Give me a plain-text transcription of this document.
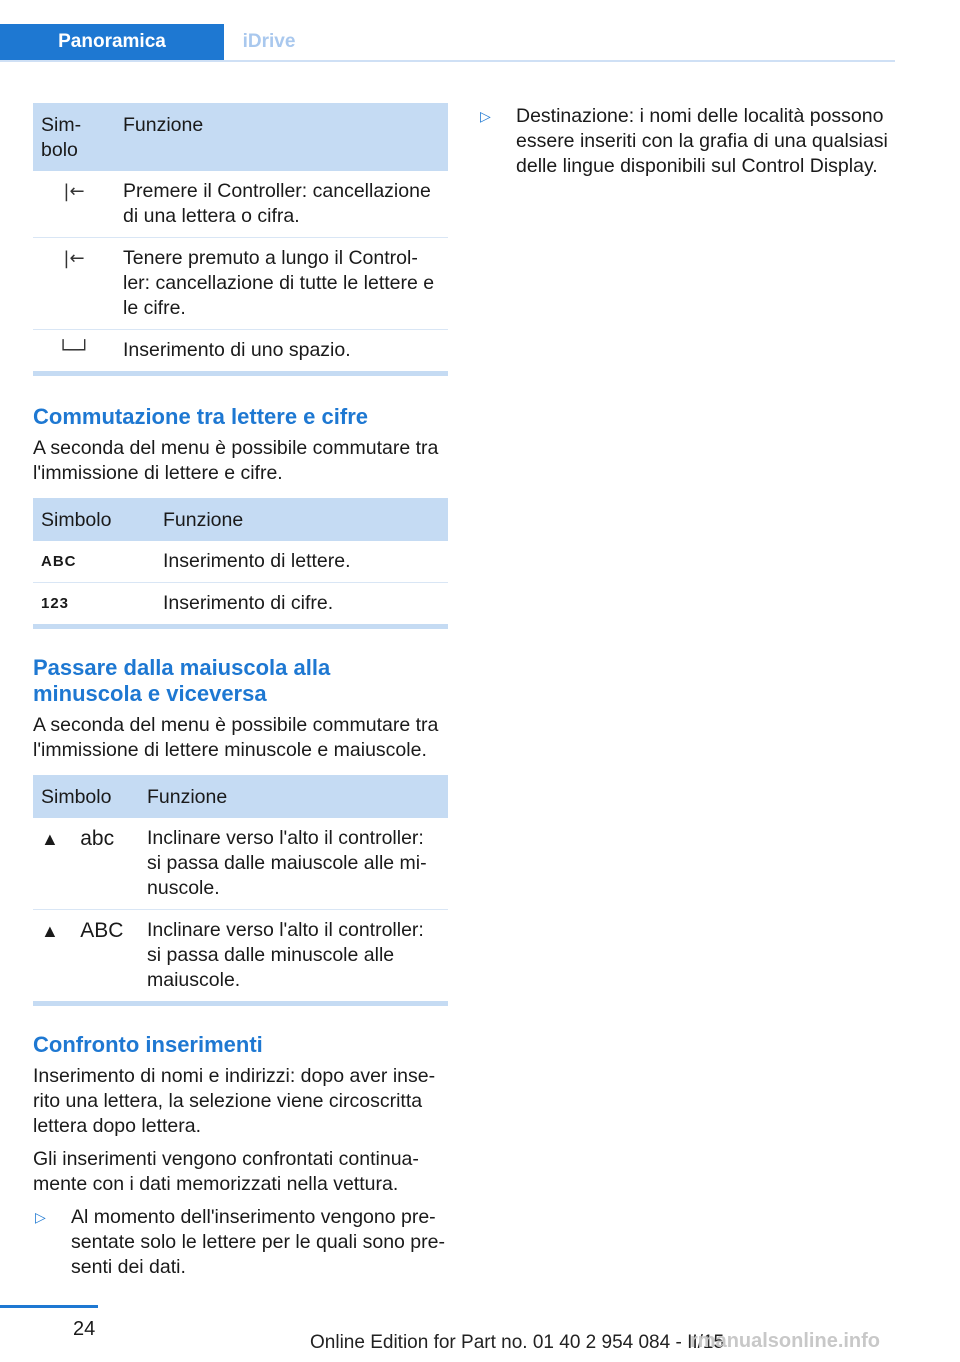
Panoramica	iDrive
Sim-
bolo	Funzione
|←	Premere il Controller: cancellazione di una lettera o cifra.
|←	Tenere premuto a lungo il Control-ler: cancellazione di tutte le lettere e le cifre.
└─┘	Inserimento di uno spazio.
Commutazione tra lettere e cifre

A seconda del menu è possibile commutare tra l'immissione di lettere e cifre.

Simbolo	Funzione
ABC	Inserimento di lettere.
123	Inserimento di cifre.
Passare dalla maiuscola alla
minuscola e viceversa

A seconda del menu è possibile commutare tra l'immissione di lettere minuscole e maiuscole.

Simbolo	Funzione
▲ abc	Inclinare verso l'alto il controller: si passa dalle maiuscole alle mi-nuscole.
▲ ABC	Inclinare verso l'alto il controller: si passa dalle minuscole alle maiuscole.
Confronto inserimenti

Inserimento di nomi e indirizzi: dopo aver inse-rito una lettera, la selezione viene circoscritta lettera dopo lettera.

Gli inserimenti vengono confrontati continua-mente con i dati memorizzati nella vettura.

▷	Al momento dell'inserimento vengono pre-sentate solo le lettere per le quali sono pre-senti dei dati.
▷	Destinazione: i nomi delle località possono essere inseriti con la grafia di una qualsiasi delle lingue disponibili sul Control Display.
24
Online Edition for Part no. 01 40 2 954 084 - II/15
rmanualsonline.info
